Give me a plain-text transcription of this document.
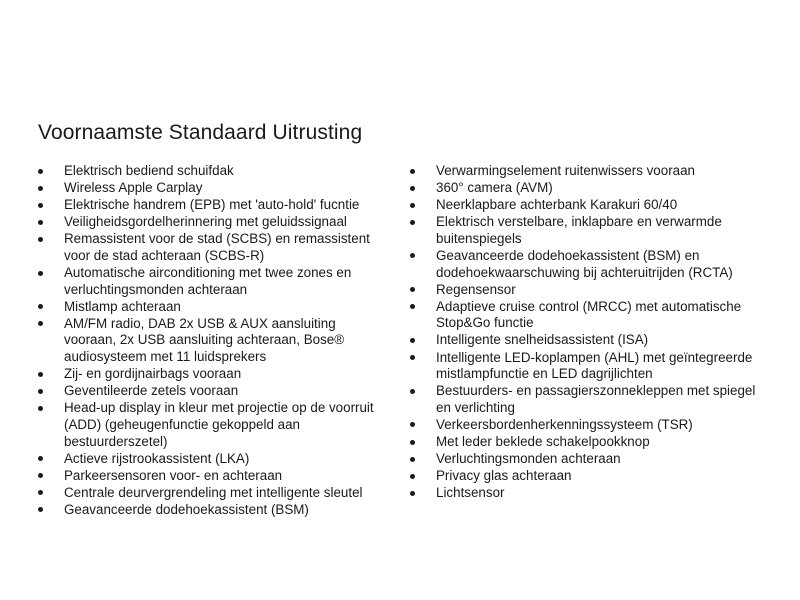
Voornaamste Standaard Uitrusting
Elektrisch bediend schuifdak
Wireless Apple Carplay
Elektrische handrem (EPB) met 'auto-hold' fucntie
Veiligheidsgordelherinnering met geluidssignaal
Remassistent voor de stad (SCBS) en remassistent voor de stad achteraan (SCBS-R)
Automatische airconditioning met twee zones en verluchtingsmonden achteraan
Mistlamp achteraan
AM/FM radio, DAB 2x USB & AUX aansluiting vooraan, 2x USB aansluiting achteraan, Bose® audiosysteem met 11 luidsprekers
Zij- en gordijnairbags vooraan
Geventileerde zetels vooraan
Head-up display in kleur met projectie op de voorruit (ADD) (geheugenfunctie gekoppeld aan bestuurderszetel)
Actieve rijstrookassistent (LKA)
Parkeersensoren voor- en achteraan
Centrale deurvergrendeling met intelligente sleutel
Geavanceerde dodehoekassistent (BSM)
Verwarmingselement ruitenwissers vooraan
360° camera (AVM)
Neerklapbare achterbank Karakuri 60/40
Elektrisch verstelbare, inklapbare en verwarmde buitenspiegels
Geavanceerde dodehoekassistent (BSM) en dodehoekwaarschuwing bij achteruitrijden (RCTA)
Regensensor
Adaptieve cruise control (MRCC) met automatische Stop&Go functie
Intelligente snelheidsassistent (ISA)
Intelligente LED-koplampen (AHL) met geïntegreerde mistlampfunctie en LED dagrijlichten
Bestuurders- en passagierszonnekleppen met spiegel en verlichting
Verkeersbordenherkenningssysteem (TSR)
Met leder beklede schakelpookknop
Verluchtingsmonden achteraan
Privacy glas achteraan
Lichtsensor
